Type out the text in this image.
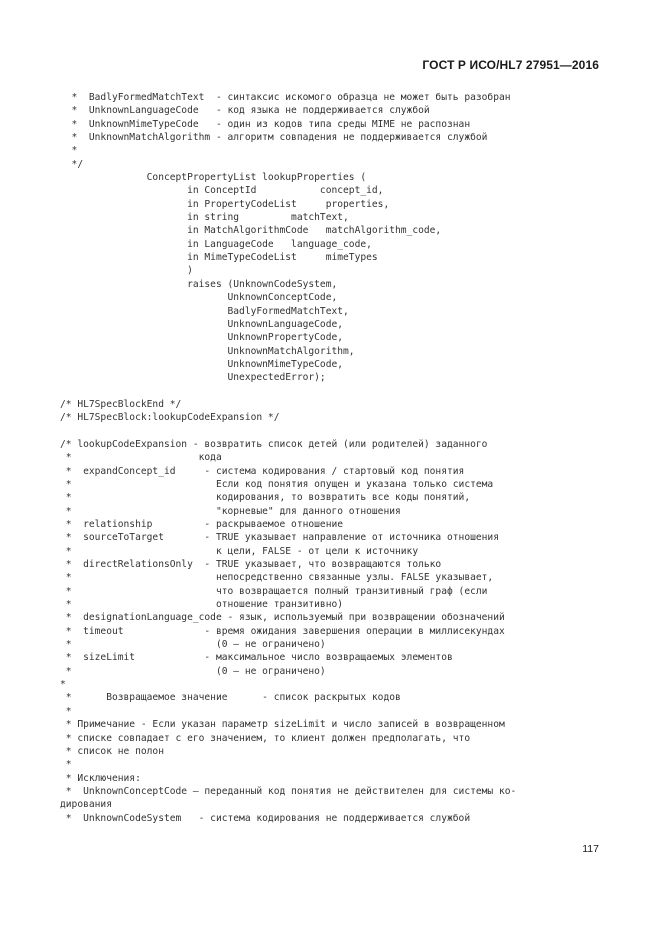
ГОСТ Р ИСО/HL7 27951—2016
*  BadlyFormedMatchText  - синтаксис искомого образца не может быть разобран
*  UnknownLanguageCode   - код языка не поддерживается службой
*  UnknownMimeTypeCode   - один из кодов типа среды MIME не распознан
*  UnknownMatchAlgorithm - алгоритм совпадения не поддерживается службой
*
*/
ConceptPropertyList lookupProperties (
in ConceptId           concept_id,
in PropertyCodeList     properties,
in string         matchText,
in MatchAlgorithmCode   matchAlgorithm_code,
in LanguageCode   language_code,
in MimeTypeCodeList     mimeTypes
)
raises (UnknownCodeSystem,
UnknownConceptCode,
BadlyFormedMatchText,
UnknownLanguageCode,
UnknownPropertyCode,
UnknownMatchAlgorithm,
UnknownMimeTypeCode,
UnexpectedError);
/* HL7SpecBlockEnd */
/* HL7SpecBlock:lookupCodeExpansion */
/* lookupCodeExpansion - возвратить список детей (или родителей) заданного
*                      кода
*  expandConcept_id     - система кодирования / стартовый код понятия
*                         Если код понятия опущен и указана только система
*                         кодирования, то возвратить все коды понятий,
*                         "корневые" для данного отношения
*  relationship         - раскрываемое отношение
*  sourceToTarget       - TRUE указывает направление от источника отношения
*                         к цели, FALSE - от цели к источнику
*  directRelationsOnly  - TRUE указывает, что возвращаются только
*                         непосредственно связанные узлы. FALSE указывает,
*                         что возвращается полный транзитивный граф (если
*                         отношение транзитивно)
*  designationLanguage_code - язык, используемый при возвращении обозначений
*  timeout              - время ожидания завершения операции в миллисекундах
*                         (0 — не ограничено)
*  sizeLimit            - максимальное число возвращаемых элементов
*                         (0 — не ограничено)
*
*      Возвращаемое значение      - список раскрытых кодов
*
* Примечание - Если указан параметр sizeLimit и число записей в возвращенном
* списке совпадает с его значением, то клиент должен предполагать, что
* список не полон
*
* Исключения:
*  UnknownConceptCode — переданный код понятия не действителен для системы ко-
дирования
*  UnknownCodeSystem   - система кодирования не поддерживается службой
117
